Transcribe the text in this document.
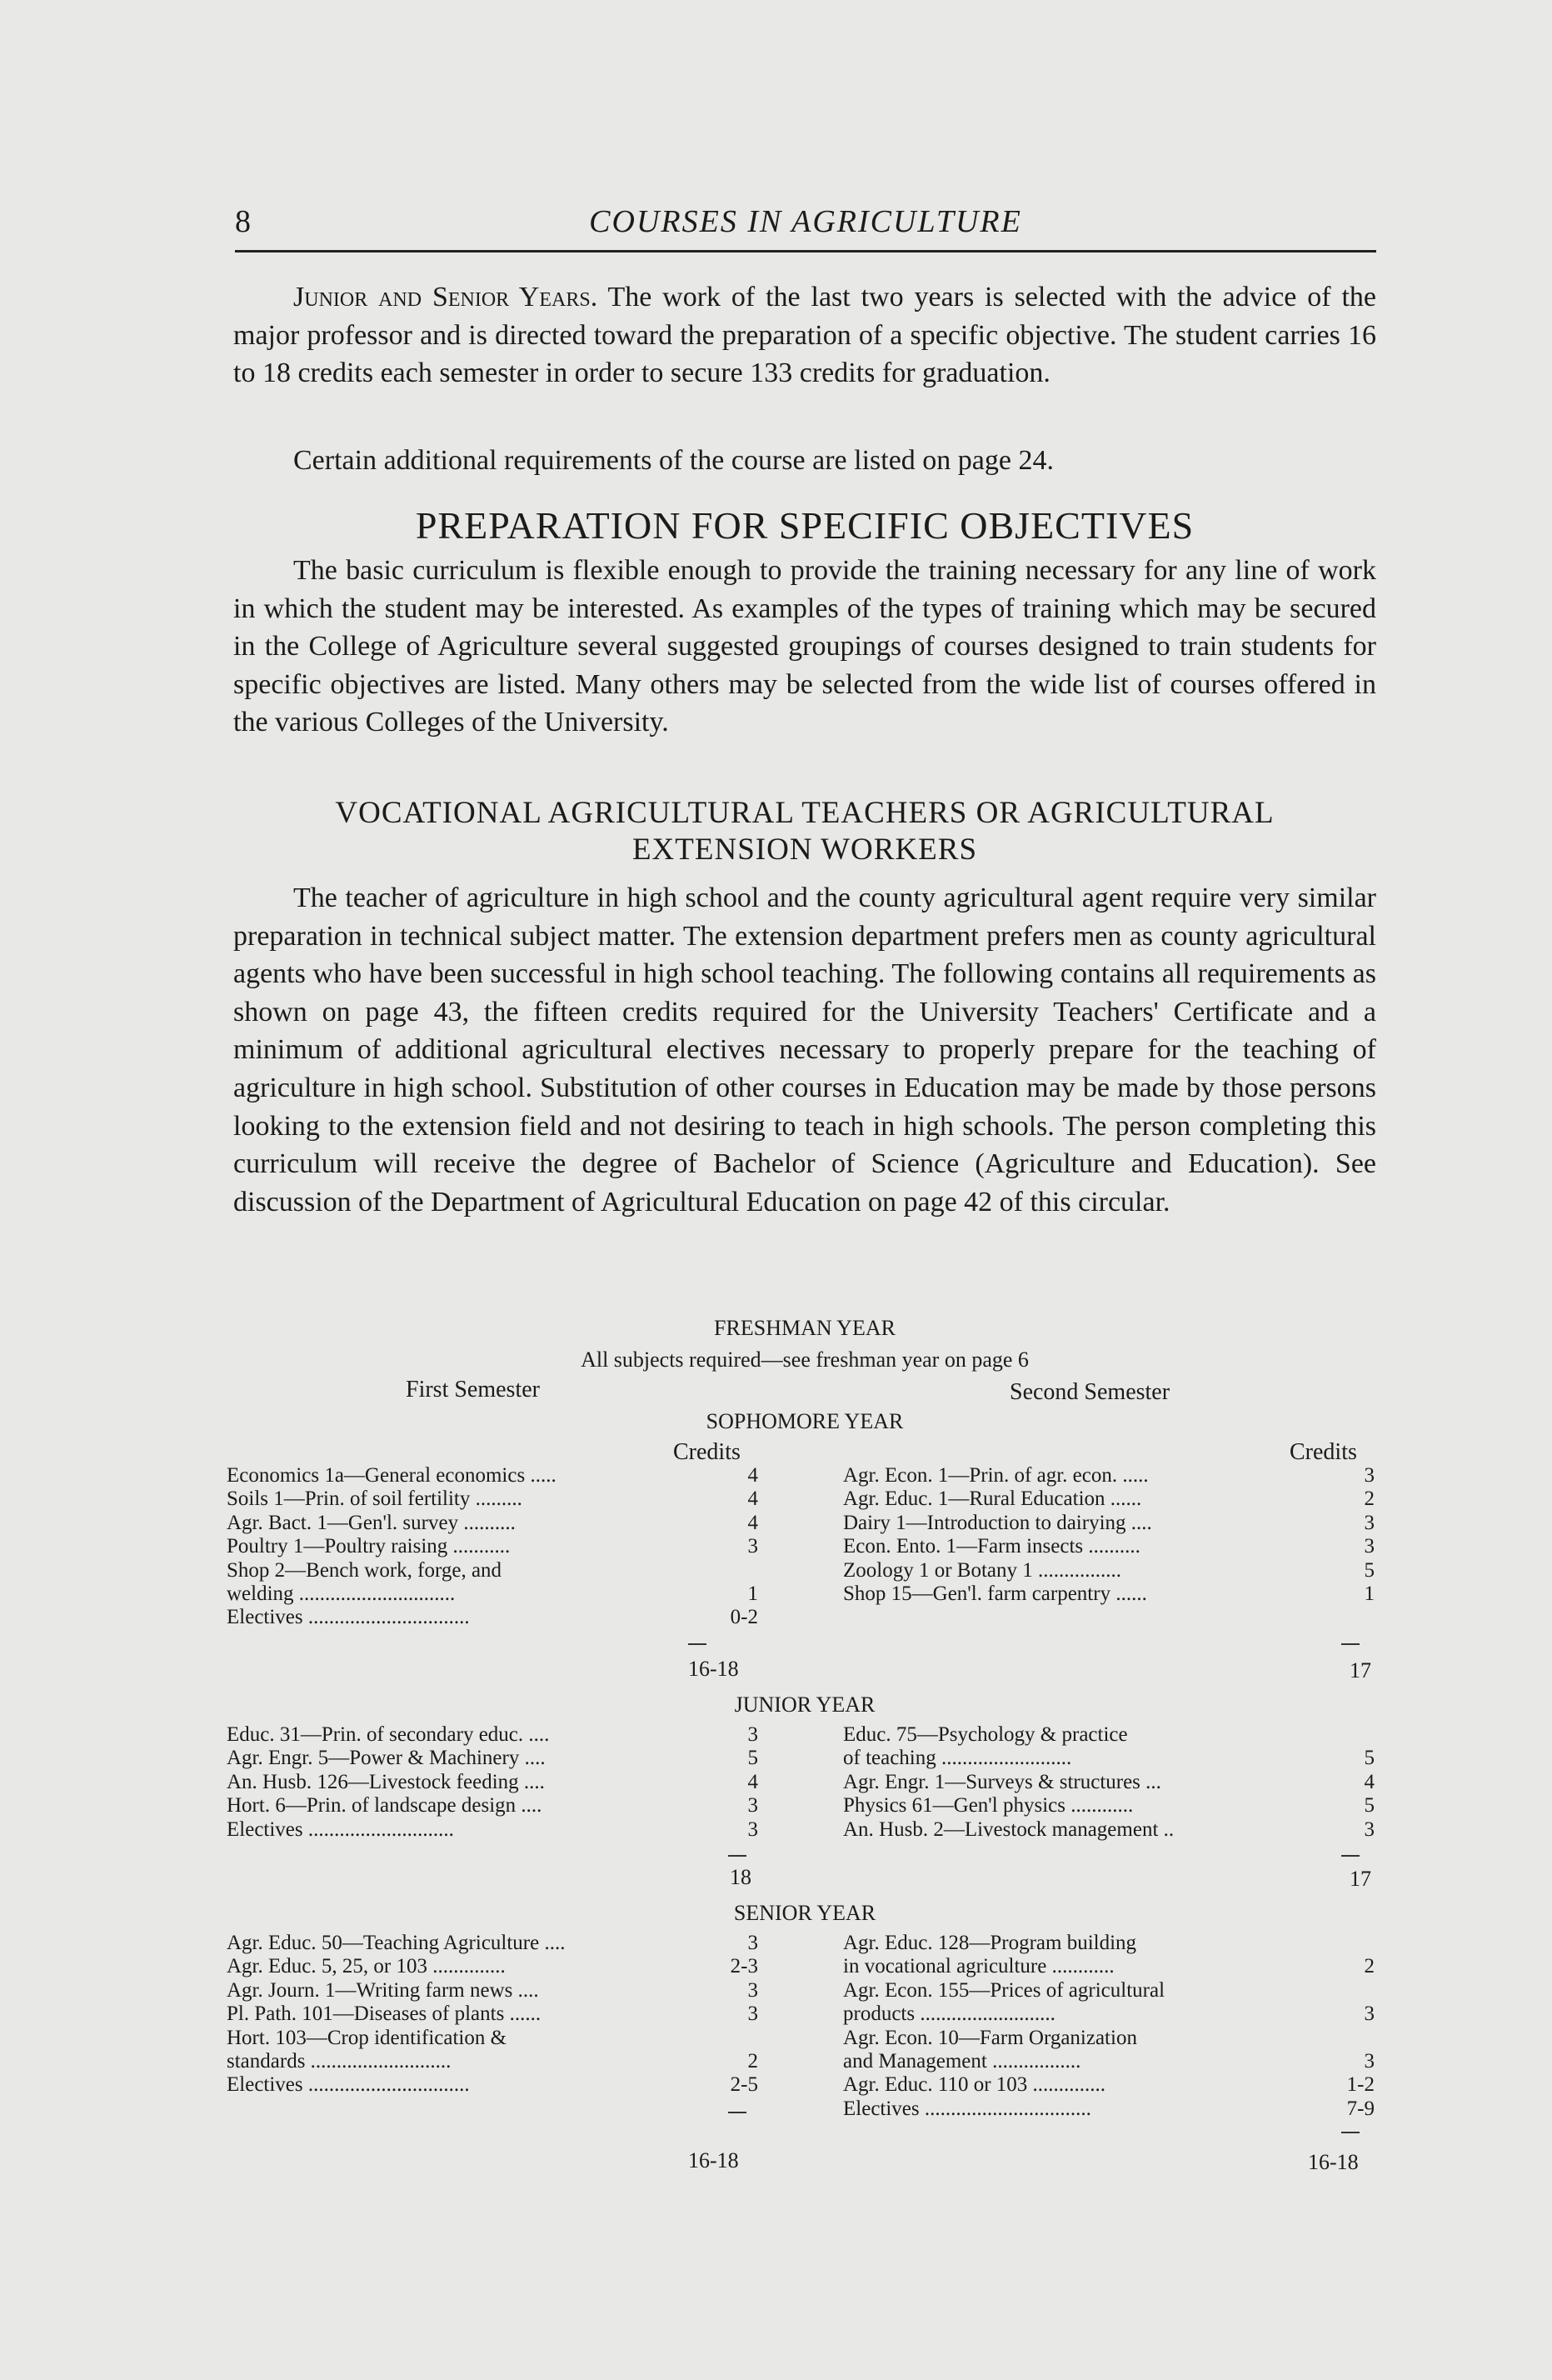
8	COURSES IN AGRICULTURE

Junior and Senior Years. The work of the last two years is selected with the advice of the major professor and is directed toward the preparation of a specific objective. The student carries 16 to 18 credits each semester in order to secure 133 credits for graduation.

Certain additional requirements of the course are listed on page 24.

PREPARATION FOR SPECIFIC OBJECTIVES

The basic curriculum is flexible enough to provide the training necessary for any line of work in which the student may be interested. As examples of the types of training which may be secured in the College of Agriculture several suggested groupings of courses designed to train students for specific objectives are listed. Many others may be selected from the wide list of courses offered in the various Colleges of the University.

VOCATIONAL AGRICULTURAL TEACHERS OR AGRICULTURAL
EXTENSION WORKERS

The teacher of agriculture in high school and the county agricultural agent require very similar preparation in technical subject matter. The extension department prefers men as county agricultural agents who have been successful in high school teaching. The following contains all requirements as shown on page 43, the fifteen credits required for the University Teachers' Certificate and a minimum of additional agricultural electives necessary to properly prepare for the teaching of agriculture in high school. Substitution of other courses in Education may be made by those persons looking to the extension field and not desiring to teach in high schools. The person completing this curriculum will receive the degree of Bachelor of Science (Agriculture and Education). See discussion of the Department of Agricultural Education on page 42 of this circular.

FRESHMAN YEAR
All subjects required—see freshman year on page 6
First Semester	Second Semester
SOPHOMORE YEAR
Credits	Credits
Economics 1a—General economics .....	4
Soils 1—Prin. of soil fertility .........	4
Agr. Bact. 1—Gen'l. survey ..........	4
Poultry 1—Poultry raising ...........	3
Shop 2—Bench work, forge, and
welding ..............................	1
Electives ...............................	0-2
Agr. Econ. 1—Prin. of agr. econ. .....	3
Agr. Educ. 1—Rural Education ......	2
Dairy 1—Introduction to dairying ....	3
Econ. Ento. 1—Farm insects ..........	3
Zoology 1 or Botany 1 ................	5
Shop 15—Gen'l. farm carpentry ......	1
16-18	17
JUNIOR YEAR
Educ. 31—Prin. of secondary educ. ....	3
Agr. Engr. 5—Power & Machinery ....	5
An. Husb. 126—Livestock feeding ....	4
Hort. 6—Prin. of landscape design ....	3
Electives ............................	3
Educ. 75—Psychology & practice
of teaching .........................	5
Agr. Engr. 1—Surveys & structures ...	4
Physics 61—Gen'l physics ............	5
An. Husb. 2—Livestock management ..	3
18	17
SENIOR YEAR
Agr. Educ. 50—Teaching Agriculture ....	3
Agr. Educ. 5, 25, or 103 ..............	2-3
Agr. Journ. 1—Writing farm news ....	3
Pl. Path. 101—Diseases of plants ......	3
Hort. 103—Crop identification &
standards ...........................	2
Electives ...............................	2-5
Agr. Educ. 128—Program building
in vocational agriculture ............	2
Agr. Econ. 155—Prices of agricultural
products ..........................	3
Agr. Econ. 10—Farm Organization
and Management .................	3
Agr. Educ. 110 or 103 ..............	1-2
Electives ................................	7-9
16-18	16-18
